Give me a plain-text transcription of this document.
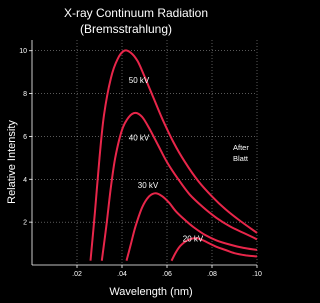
X-ray Continuum Radiation
(Bremsstrahlung)
.02	.04	.06	.08	.10
2
4
6
8
10
50 kV
40 kV
30 kV
20 kV
After
Blatt
Wavelength (nm)
Relative Intensity
